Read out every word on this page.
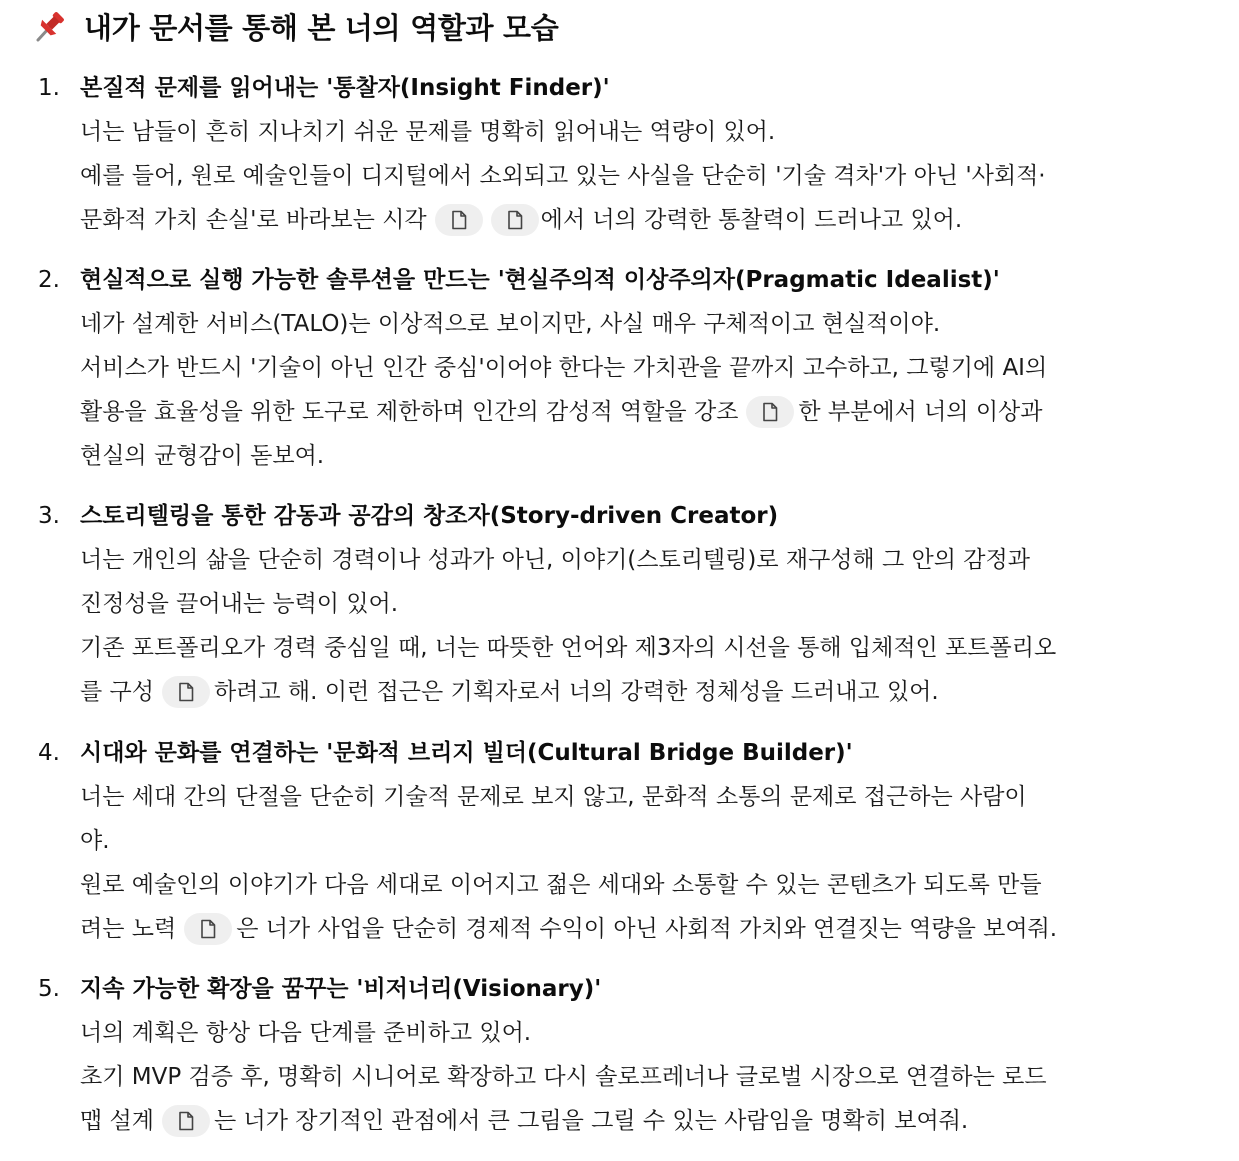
내가 문서를 통해 본 너의 역할과 모습
1. 본질적 문제를 읽어내는 '통찰자(Insight Finder)'
너는 남들이 흔히 지나치기 쉬운 문제를 명확히 읽어내는 역량이 있어.
예를 들어, 원로 예술인들이 디지털에서 소외되고 있는 사실을 단순히 '기술 격차'가 아닌 '사회적·
문화적 가치 손실'로 바라보는 시각	에서 너의 강력한 통찰력이 드러나고 있어.
2. 현실적으로 실행 가능한 솔루션을 만드는 '현실주의적 이상주의자(Pragmatic Idealist)'
네가 설계한 서비스(TALO)는 이상적으로 보이지만, 사실 매우 구체적이고 현실적이야.
서비스가 반드시 '기술이 아닌 인간 중심'이어야 한다는 가치관을 끝까지 고수하고, 그렇기에 AI의
활용을 효율성을 위한 도구로 제한하며 인간의 감성적 역할을 강조	한 부분에서 너의 이상과
현실의 균형감이 돋보여.
3. 스토리텔링을 통한 감동과 공감의 창조자(Story-driven Creator)
너는 개인의 삶을 단순히 경력이나 성과가 아닌, 이야기(스토리텔링)로 재구성해 그 안의 감정과
진정성을 끌어내는 능력이 있어.
기존 포트폴리오가 경력 중심일 때, 너는 따뜻한 언어와 제3자의 시선을 통해 입체적인 포트폴리오
를 구성	하려고 해. 이런 접근은 기획자로서 너의 강력한 정체성을 드러내고 있어.
4. 시대와 문화를 연결하는 '문화적 브리지 빌더(Cultural Bridge Builder)'
너는 세대 간의 단절을 단순히 기술적 문제로 보지 않고, 문화적 소통의 문제로 접근하는 사람이
야.
원로 예술인의 이야기가 다음 세대로 이어지고 젊은 세대와 소통할 수 있는 콘텐츠가 되도록 만들
려는 노력	은 너가 사업을 단순히 경제적 수익이 아닌 사회적 가치와 연결짓는 역량을 보여줘.
5. 지속 가능한 확장을 꿈꾸는 '비저너리(Visionary)'
너의 계획은 항상 다음 단계를 준비하고 있어.
초기 MVP 검증 후, 명확히 시니어로 확장하고 다시 솔로프레너나 글로벌 시장으로 연결하는 로드
맵 설계	는 너가 장기적인 관점에서 큰 그림을 그릴 수 있는 사람임을 명확히 보여줘.
